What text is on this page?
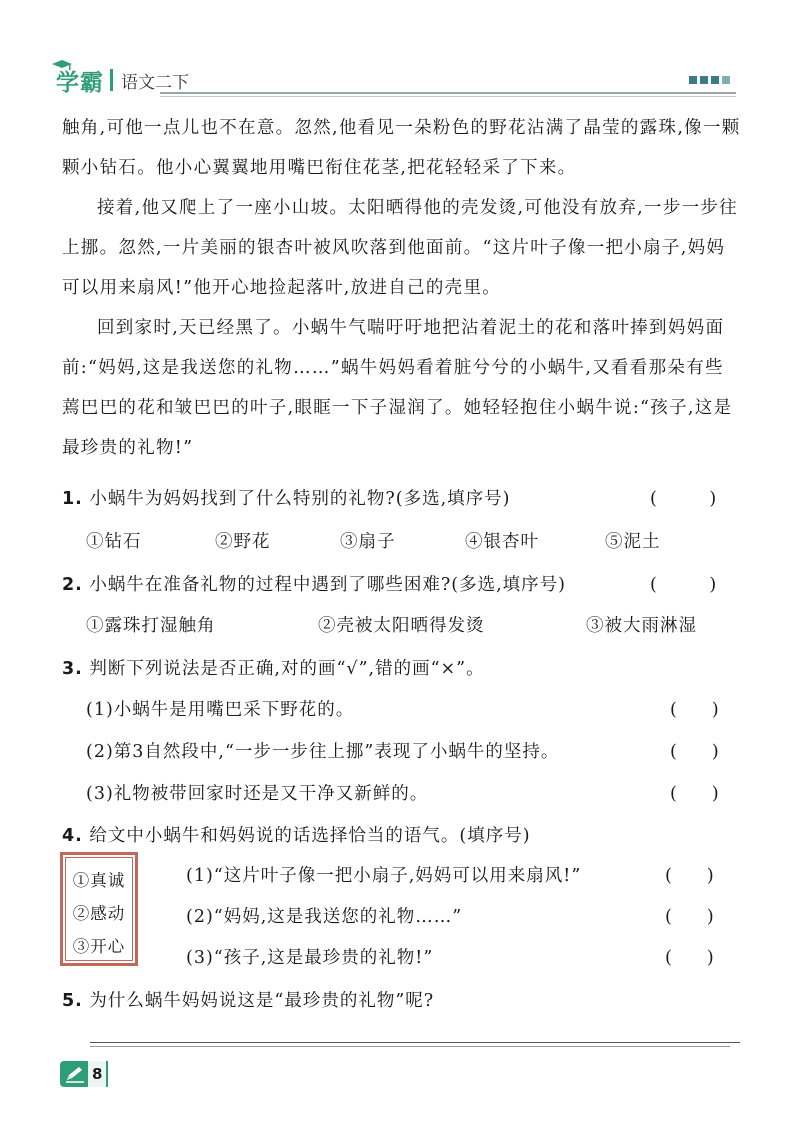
学霸 语文二下

触角,可他一点儿也不在意。忽然,他看见一朵粉色的野花沾满了晶莹的露珠,像一颗颗小钻石。他小心翼翼地用嘴巴衔住花茎,把花轻轻采了下来。

接着,他又爬上了一座小山坡。太阳晒得他的壳发烫,可他没有放弃,一步一步往上挪。忽然,一片美丽的银杏叶被风吹落到他面前。“这片叶子像一把小扇子,妈妈可以用来扇风!”他开心地捡起落叶,放进自己的壳里。

回到家时,天已经黑了。小蜗牛气喘吁吁地把沾着泥土的花和落叶捧到妈妈面前:“妈妈,这是我送您的礼物……”蜗牛妈妈看着脏兮兮的小蜗牛,又看看那朵有些蔫巴巴的花和皱巴巴的叶子,眼眶一下子湿润了。她轻轻抱住小蜗牛说:“孩子,这是最珍贵的礼物!”

1. 小蜗牛为妈妈找到了什么特别的礼物?(多选,填序号)	(　　　)
①钻石	②野花	③扇子	④银杏叶	⑤泥土
2. 小蜗牛在准备礼物的过程中遇到了哪些困难?(多选,填序号)	(　　　)
①露珠打湿触角	②壳被太阳晒得发烫	③被大雨淋湿
3. 判断下列说法是否正确,对的画“√”,错的画“×”。
(1)小蜗牛是用嘴巴采下野花的。	(　　)
(2)第3自然段中,“一步一步往上挪”表现了小蜗牛的坚持。	(　　)
(3)礼物被带回家时还是又干净又新鲜的。	(　　)
4. 给文中小蜗牛和妈妈说的话选择恰当的语气。(填序号)
①真诚
②感动
③开心
(1)“这片叶子像一把小扇子,妈妈可以用来扇风!”	(　　)
(2)“妈妈,这是我送您的礼物……”	(　　)
(3)“孩子,这是最珍贵的礼物!”	(　　)
5. 为什么蜗牛妈妈说这是“最珍贵的礼物”呢?
8
